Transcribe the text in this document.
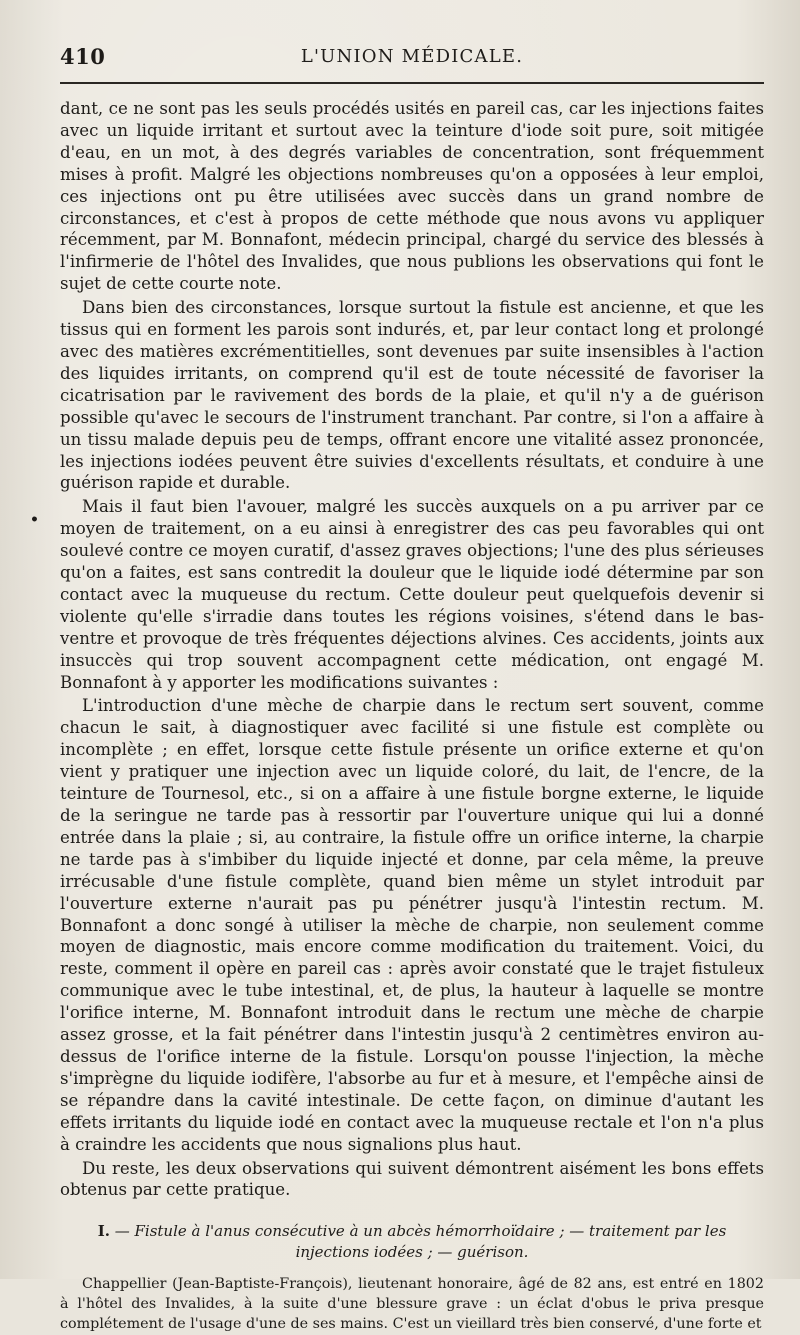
410	L'UNION MÉDICALE.
•

dant, ce ne sont pas les seuls procédés usités en pareil cas, car les injections faites avec un liquide irritant et surtout avec la teinture d'iode soit pure, soit mitigée d'eau, en un mot, à des degrés variables de concentration, sont fréquemment mises à profit. Malgré les objections nombreuses qu'on a opposées à leur emploi, ces injections ont pu être utilisées avec succès dans un grand nombre de circonstances, et c'est à propos de cette méthode que nous avons vu appliquer récemment, par M. Bonnafont, médecin principal, chargé du service des blessés à l'infirmerie de l'hôtel des Invalides, que nous publions les observations qui font le sujet de cette courte note.

Dans bien des circonstances, lorsque surtout la fistule est ancienne, et que les tissus qui en forment les parois sont indurés, et, par leur contact long et prolongé avec des matières excrémentitielles, sont devenues par suite insensibles à l'action des liquides irritants, on comprend qu'il est de toute nécessité de favoriser la cicatrisation par le ravivement des bords de la plaie, et qu'il n'y a de guérison possible qu'avec le secours de l'instrument tranchant. Par contre, si l'on a affaire à un tissu malade depuis peu de temps, offrant encore une vitalité assez prononcée, les injections iodées peuvent être suivies d'excellents résultats, et conduire à une guérison rapide et durable.

Mais il faut bien l'avouer, malgré les succès auxquels on a pu arriver par ce moyen de traitement, on a eu ainsi à enregistrer des cas peu favorables qui ont soulevé contre ce moyen curatif, d'assez graves objections; l'une des plus sérieuses qu'on a faites, est sans contredit la douleur que le liquide iodé détermine par son contact avec la muqueuse du rectum. Cette douleur peut quelquefois devenir si violente qu'elle s'irradie dans toutes les régions voisines, s'étend dans le bas-ventre et provoque de très fréquentes déjections alvines. Ces accidents, joints aux insuccès qui trop souvent accompagnent cette médication, ont engagé M. Bonnafont à y apporter les modifications suivantes :

L'introduction d'une mèche de charpie dans le rectum sert souvent, comme chacun le sait, à diagnostiquer avec facilité si une fistule est complète ou incomplète ; en effet, lorsque cette fistule présente un orifice externe et qu'on vient y pratiquer une injection avec un liquide coloré, du lait, de l'encre, de la teinture de Tournesol, etc., si on a affaire à une fistule borgne externe, le liquide de la seringue ne tarde pas à ressortir par l'ouverture unique qui lui a donné entrée dans la plaie ; si, au contraire, la fistule offre un orifice interne, la charpie ne tarde pas à s'imbiber du liquide injecté et donne, par cela même, la preuve irrécusable d'une fistule complète, quand bien même un stylet introduit par l'ouverture externe n'aurait pas pu pénétrer jusqu'à l'intestin rectum. M. Bonnafont a donc songé à utiliser la mèche de charpie, non seulement comme moyen de diagnostic, mais encore comme modification du traitement. Voici, du reste, comment il opère en pareil cas : après avoir constaté que le trajet fistuleux communique avec le tube intestinal, et, de plus, la hauteur à laquelle se montre l'orifice interne, M. Bonnafont introduit dans le rectum une mèche de charpie assez grosse, et la fait pénétrer dans l'intestin jusqu'à 2 centimètres environ au-dessus de l'orifice interne de la fistule. Lorsqu'on pousse l'injection, la mèche s'imprègne du liquide iodifère, l'absorbe au fur et à mesure, et l'empêche ainsi de se répandre dans la cavité intestinale. De cette façon, on diminue d'autant les effets irritants du liquide iodé en contact avec la muqueuse rectale et l'on n'a plus à craindre les accidents que nous signalions plus haut.

Du reste, les deux observations qui suivent démontrent aisément les bons effets obtenus par cette pratique.

I. — Fistule à l'anus consécutive à un abcès hémorrhoïdaire ; — traitement par les injections iodées ; — guérison.

Chappellier (Jean-Baptiste-François), lieutenant honoraire, âgé de 82 ans, est entré en 1802 à l'hôtel des Invalides, à la suite d'une blessure grave : un éclat d'obus le priva presque complétement de l'usage d'une de ses mains. C'est un vieillard très bien conservé, d'une forte et
